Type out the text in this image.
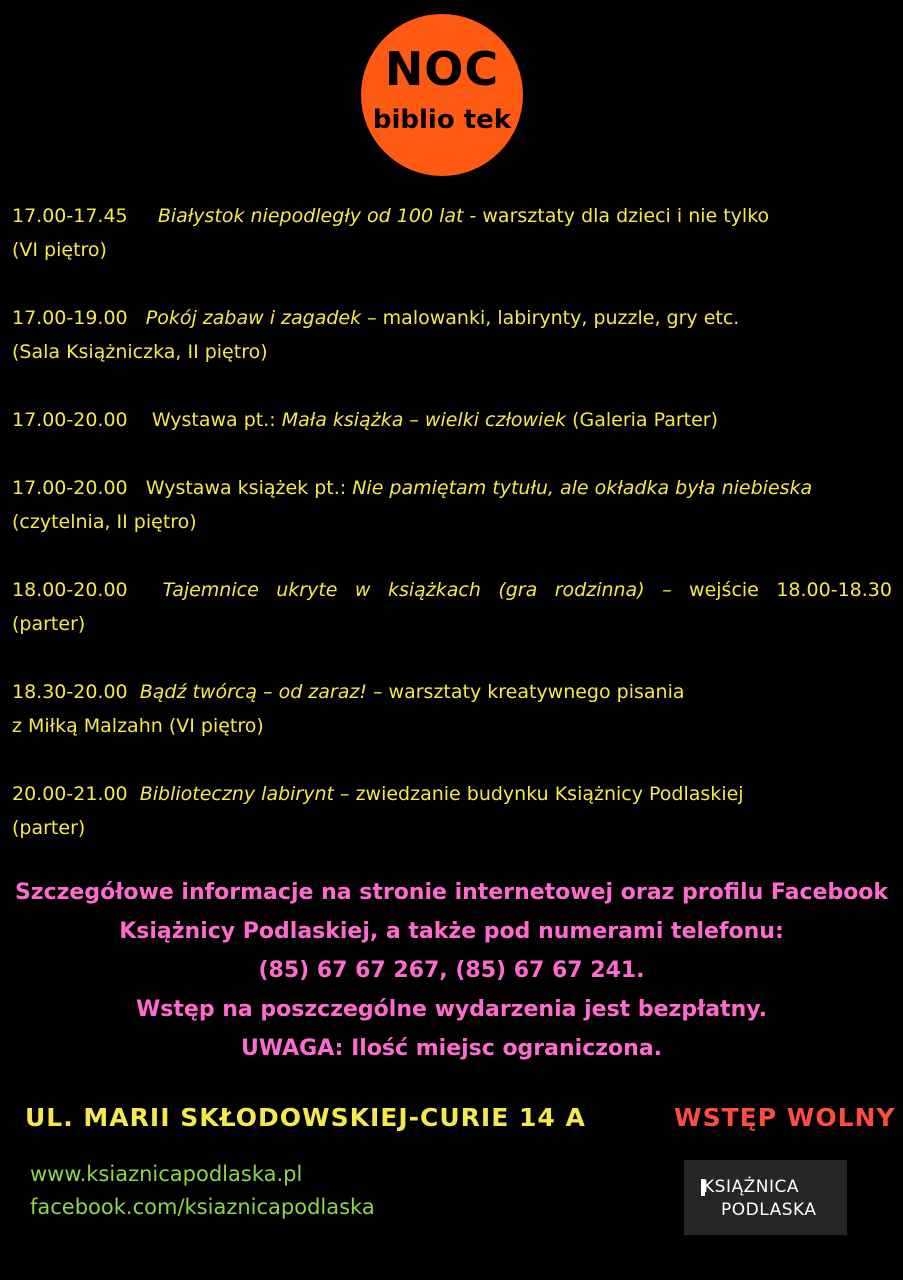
NOC
biblio tek
17.00-17.45     Białystok niepodległy od 100 lat - warsztaty dla dzieci i nie tylko
(VI piętro)
17.00-19.00   Pokój zabaw i zagadek – malowanki, labirynty, puzzle, gry etc.
(Sala Książniczka, II piętro)
17.00-20.00    Wystawa pt.: Mała książka – wielki człowiek (Galeria Parter)
17.00-20.00   Wystawa książek pt.: Nie pamiętam tytułu, ale okładka była niebieska
(czytelnia, II piętro)
18.00-20.00  Tajemnice ukryte w książkach (gra rodzinna) – wejście 18.00-18.30
(parter)
18.30-20.00  Bądź twórcą – od zaraz! – warsztaty kreatywnego pisania
z Miłką Malzahn (VI piętro)
20.00-21.00  Biblioteczny labirynt – zwiedzanie budynku Książnicy Podlaskiej
(parter)
Szczegółowe informacje na stronie internetowej oraz profilu Facebook
Książnicy Podlaskiej, a także pod numerami telefonu:
(85) 67 67 267, (85) 67 67 241.
Wstęp na poszczególne wydarzenia jest bezpłatny.
UWAGA: Ilość miejsc ograniczona.
UL. MARII SKŁODOWSKIEJ-CURIE 14 A	WSTĘP WOLNY
www.ksiaznicapodlaska.pl
facebook.com/ksiaznicapodlaska
KSIĄŻNICA
PODLASKA
